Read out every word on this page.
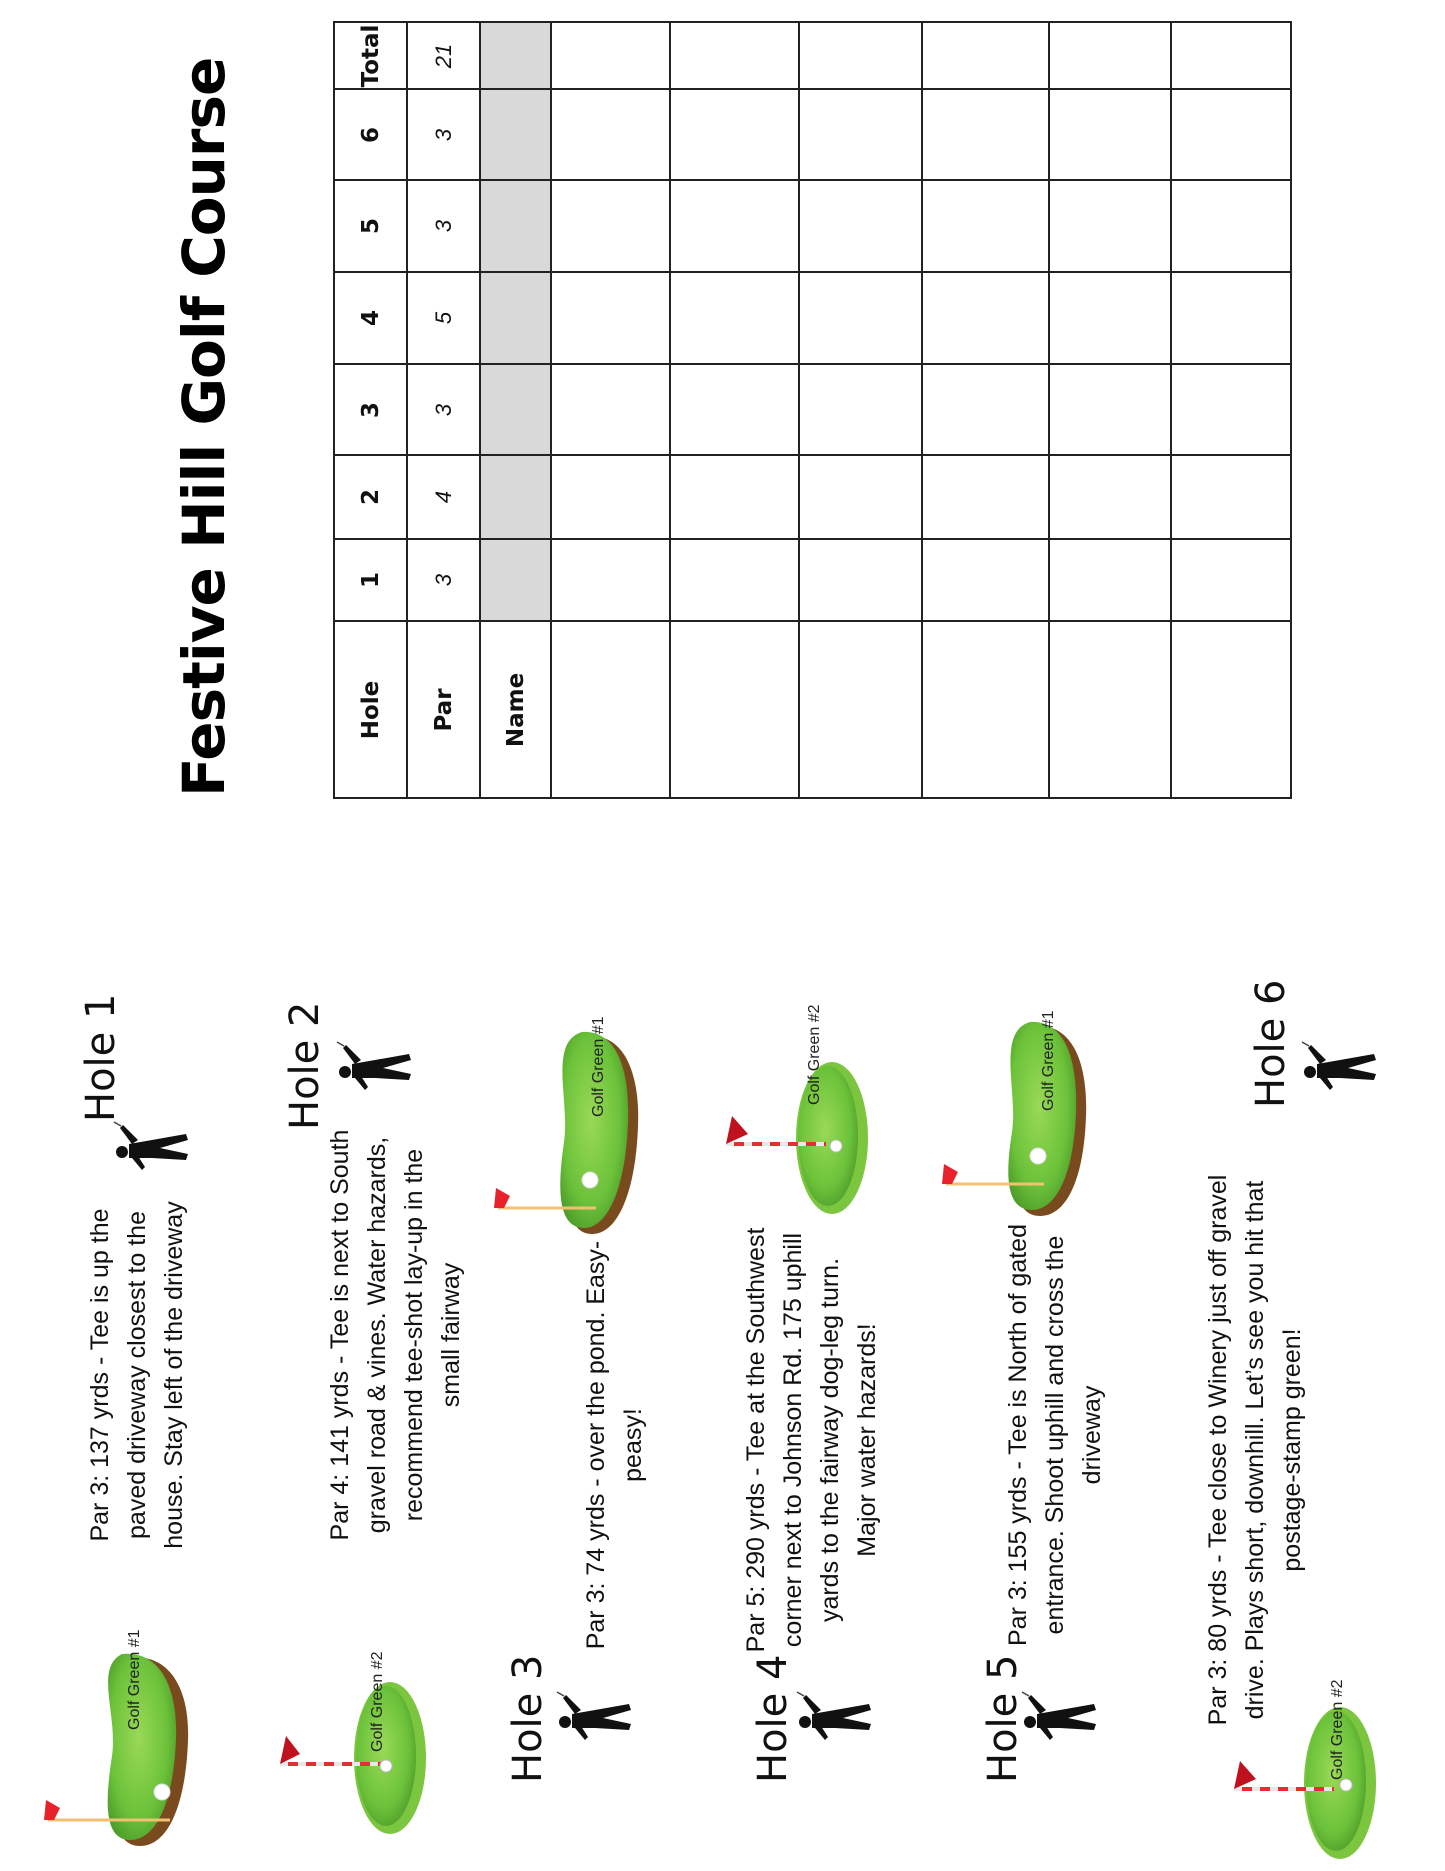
Festive Hill Golf Course
Total	21							

6	3							

5	3							

4	5							

3	3							

2	4							

1	3							

Hole	Par	Name						

Hole 1	Hole 2
Hole 3	Hole 4	Hole 5
Hole 6
Par 3: 137 yrds - Tee is up the paved driveway closest to the house. Stay left of the driveway	Par 4: 141 yrds - Tee is next to South gravel road & vines. Water hazards, recommend tee-shot lay-up in the small fairway	Par 3: 74 yrds - over the pond. Easy-peasy!	Par 5: 290 yrds - Tee at the Southwest corner next to Johnson Rd. 175 uphill yards to the fairway dog-leg turn. Major water hazards!	Par 3: 155 yrds - Tee is North of gated entrance. Shoot uphill and cross the driveway	Par 3: 80 yrds - Tee close to Winery just off gravel drive. Plays short, downhill. Let’s see you hit that postage-stamp green!
Golf Green #1	Golf Green #2
Golf Green #1	Golf Green #2	Golf Green #1
Golf Green #2
